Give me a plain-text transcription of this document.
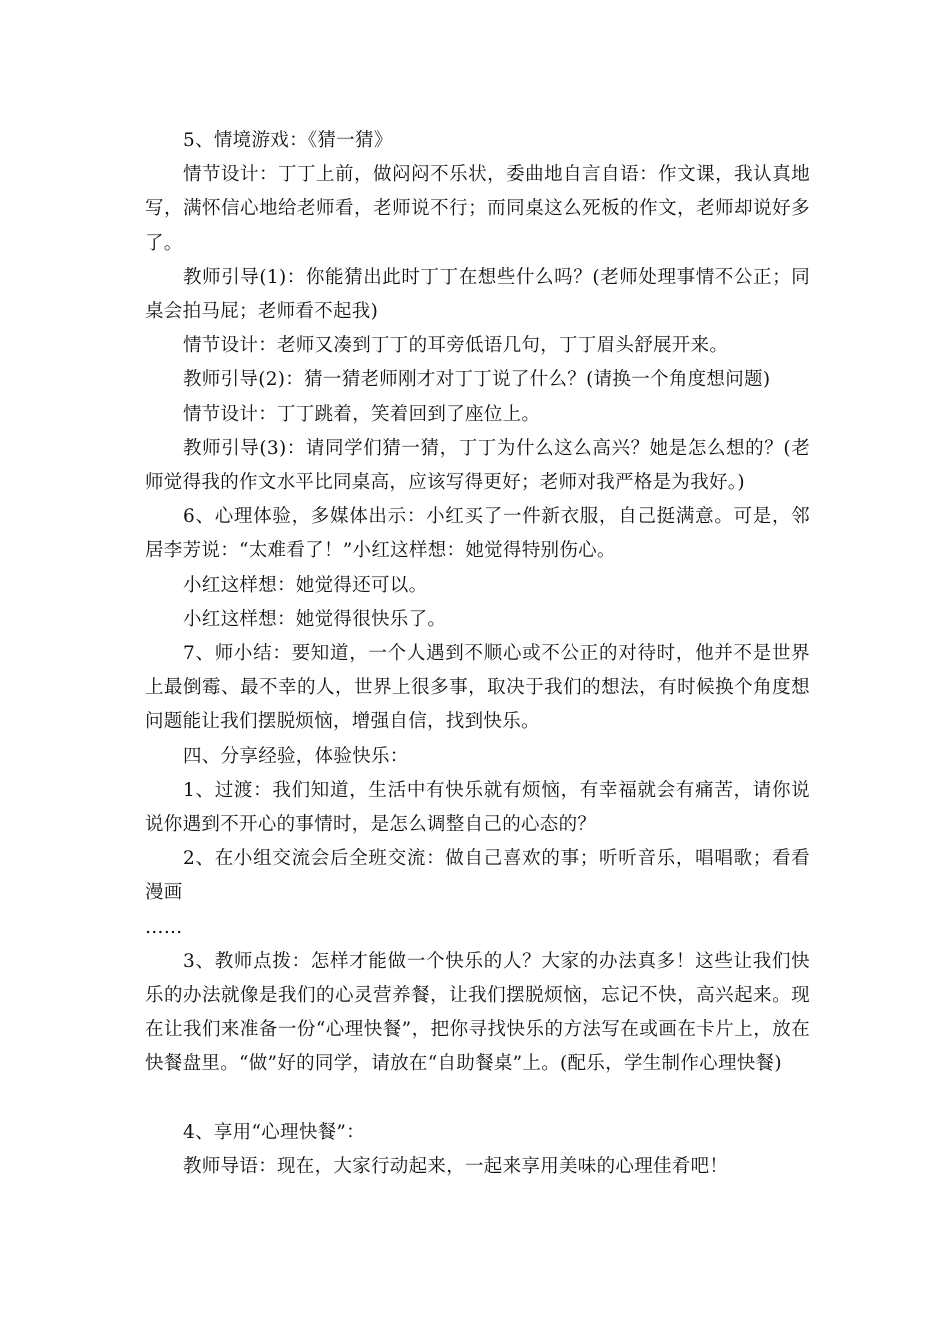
5、情境游戏：《猜一猜》

情节设计：丁丁上前，做闷闷不乐状，委曲地自言自语：作文课，我认真地写，满怀信心地给老师看，老师说不行；而同桌这么死板的作文，老师却说好多了。

教师引导(1)：你能猜出此时丁丁在想些什么吗？(老师处理事情不公正；同桌会拍马屁；老师看不起我)

情节设计：老师又凑到丁丁的耳旁低语几句，丁丁眉头舒展开来。

教师引导(2)：猜一猜老师刚才对丁丁说了什么？(请换一个角度想问题)

情节设计：丁丁跳着，笑着回到了座位上。

教师引导(3)：请同学们猜一猜，丁丁为什么这么高兴？她是怎么想的？(老师觉得我的作文水平比同桌高，应该写得更好；老师对我严格是为我好。)

6、心理体验，多媒体出示：小红买了一件新衣服，自己挺满意。可是，邻居李芳说：“太难看了！”小红这样想：她觉得特别伤心。

小红这样想：她觉得还可以。

小红这样想：她觉得很快乐了。

7、师小结：要知道，一个人遇到不顺心或不公正的对待时，他并不是世界上最倒霉、最不幸的人，世界上很多事，取决于我们的想法，有时候换个角度想问题能让我们摆脱烦恼，增强自信，找到快乐。

四、分享经验，体验快乐：

1、过渡：我们知道，生活中有快乐就有烦恼，有幸福就会有痛苦，请你说说你遇到不开心的事情时，是怎么调整自己的心态的？

2、在小组交流会后全班交流：做自己喜欢的事；听听音乐，唱唱歌；看看漫画

……

3、教师点拨：怎样才能做一个快乐的人？大家的办法真多！这些让我们快乐的办法就像是我们的心灵营养餐，让我们摆脱烦恼，忘记不快，高兴起来。现在让我们来准备一份“心理快餐”，把你寻找快乐的方法写在或画在卡片上，放在快餐盘里。“做”好的同学，请放在“自助餐桌”上。(配乐，学生制作心理快餐)

4、享用“心理快餐”：

教师导语：现在，大家行动起来，一起来享用美味的心理佳肴吧！
